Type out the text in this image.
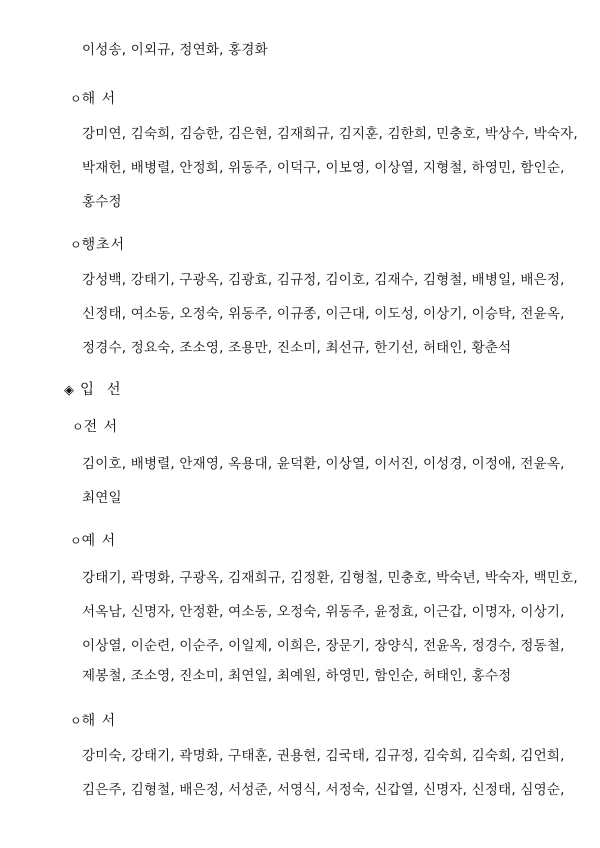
이성송, 이외규, 정연화, 홍경화
ㅇ해 서
강미연, 김숙희, 김승한, 김은현, 김재희규, 김지훈, 김한희, 민충호, 박상수, 박숙자,
박재헌, 배병렬, 안정희, 위동주, 이덕구, 이보영, 이상열, 지형철, 하영민, 함인순,
홍수정
ㅇ행초서
강성백, 강태기, 구광옥, 김광효, 김규정, 김이호, 김재수, 김형철, 배병일, 배은정,
신정태, 여소동, 오정숙, 위동주, 이규종, 이근대, 이도성, 이상기, 이승탁, 전윤옥,
정경수, 정요숙, 조소영, 조용만, 진소미, 최선규, 한기선, 허태인, 황춘석
◈ 입 선
ㅇ전 서
김이호, 배병렬, 안재영, 옥용대, 윤덕환, 이상열, 이서진, 이성경, 이정애, 전윤옥,
최연일
ㅇ예 서
강태기, 곽명화, 구광옥, 김재희규, 김정환, 김형철, 민충호, 박숙년, 박숙자, 백민호,
서옥남, 신명자, 안정환, 여소동, 오정숙, 위동주, 윤정효, 이근갑, 이명자, 이상기,
이상열, 이순련, 이순주, 이일제, 이희은, 장문기, 장양식, 전윤옥, 정경수, 정동철,
제봉철, 조소영, 진소미, 최연일, 최예원, 하영민, 함인순, 허태인, 홍수정
ㅇ해 서
강미숙, 강태기, 곽명화, 구태훈, 권용현, 김국태, 김규정, 김숙희, 김숙희, 김언희,
김은주, 김형철, 배은정, 서성준, 서영식, 서정숙, 신갑열, 신명자, 신정태, 심영순,
